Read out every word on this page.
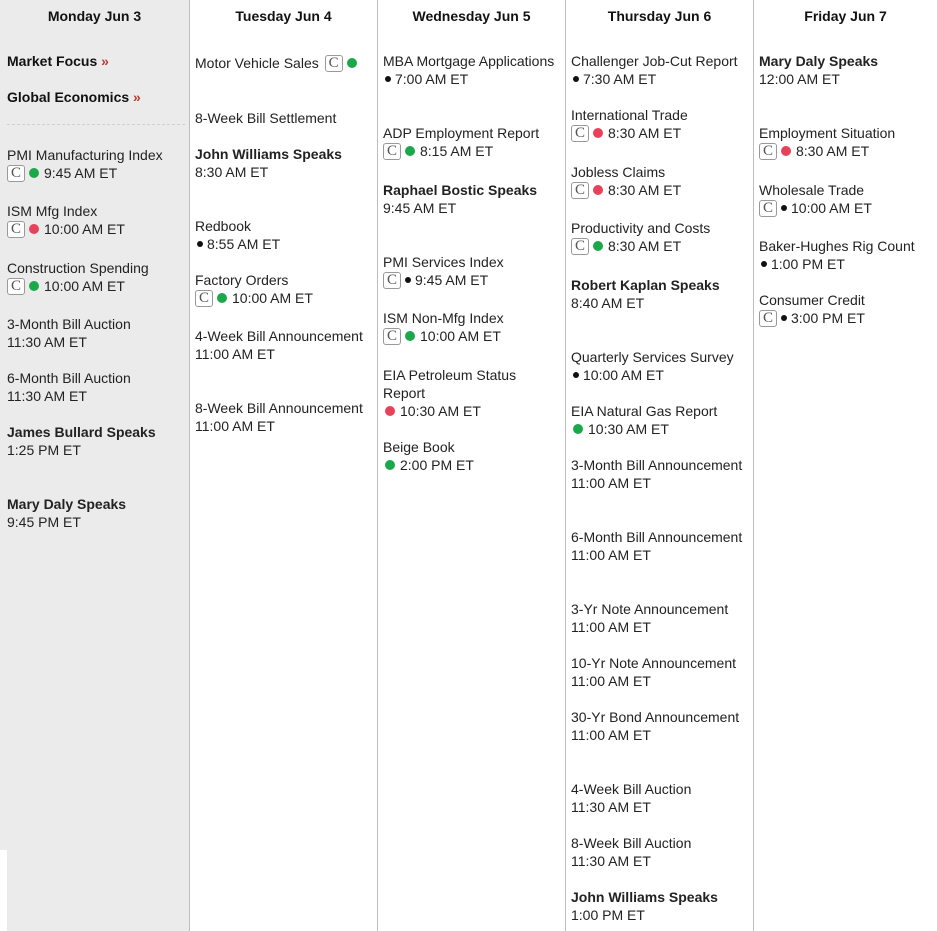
Monday Jun 3
Market Focus »
Global Economics »
PMI Manufacturing Index
C 9:45 AM ET
ISM Mfg Index
C 10:00 AM ET
Construction Spending
C 10:00 AM ET
3-Month Bill Auction
11:30 AM ET
6-Month Bill Auction
11:30 AM ET
James Bullard Speaks
1:25 PM ET
Mary Daly Speaks
9:45 PM ET
Tuesday Jun 4
Motor Vehicle Sales C
8-Week Bill Settlement
John Williams Speaks
8:30 AM ET
Redbook
8:55 AM ET
Factory Orders
C 10:00 AM ET
4-Week Bill Announcement
11:00 AM ET
8-Week Bill Announcement
11:00 AM ET
Wednesday Jun 5
MBA Mortgage Applications
7:00 AM ET
ADP Employment Report
C 8:15 AM ET
Raphael Bostic Speaks
9:45 AM ET
PMI Services Index
C 9:45 AM ET
ISM Non-Mfg Index
C 10:00 AM ET
EIA Petroleum Status Report
10:30 AM ET
Beige Book
2:00 PM ET
Thursday Jun 6
Challenger Job-Cut Report
7:30 AM ET
International Trade
C 8:30 AM ET
Jobless Claims
C 8:30 AM ET
Productivity and Costs
C 8:30 AM ET
Robert Kaplan Speaks
8:40 AM ET
Quarterly Services Survey
10:00 AM ET
EIA Natural Gas Report
10:30 AM ET
3-Month Bill Announcement
11:00 AM ET
6-Month Bill Announcement
11:00 AM ET
3-Yr Note Announcement
11:00 AM ET
10-Yr Note Announcement
11:00 AM ET
30-Yr Bond Announcement
11:00 AM ET
4-Week Bill Auction
11:30 AM ET
8-Week Bill Auction
11:30 AM ET
John Williams Speaks
1:00 PM ET
Friday Jun 7
Mary Daly Speaks
12:00 AM ET
Employment Situation
C 8:30 AM ET
Wholesale Trade
C 10:00 AM ET
Baker-Hughes Rig Count
1:00 PM ET
Consumer Credit
C 3:00 PM ET
